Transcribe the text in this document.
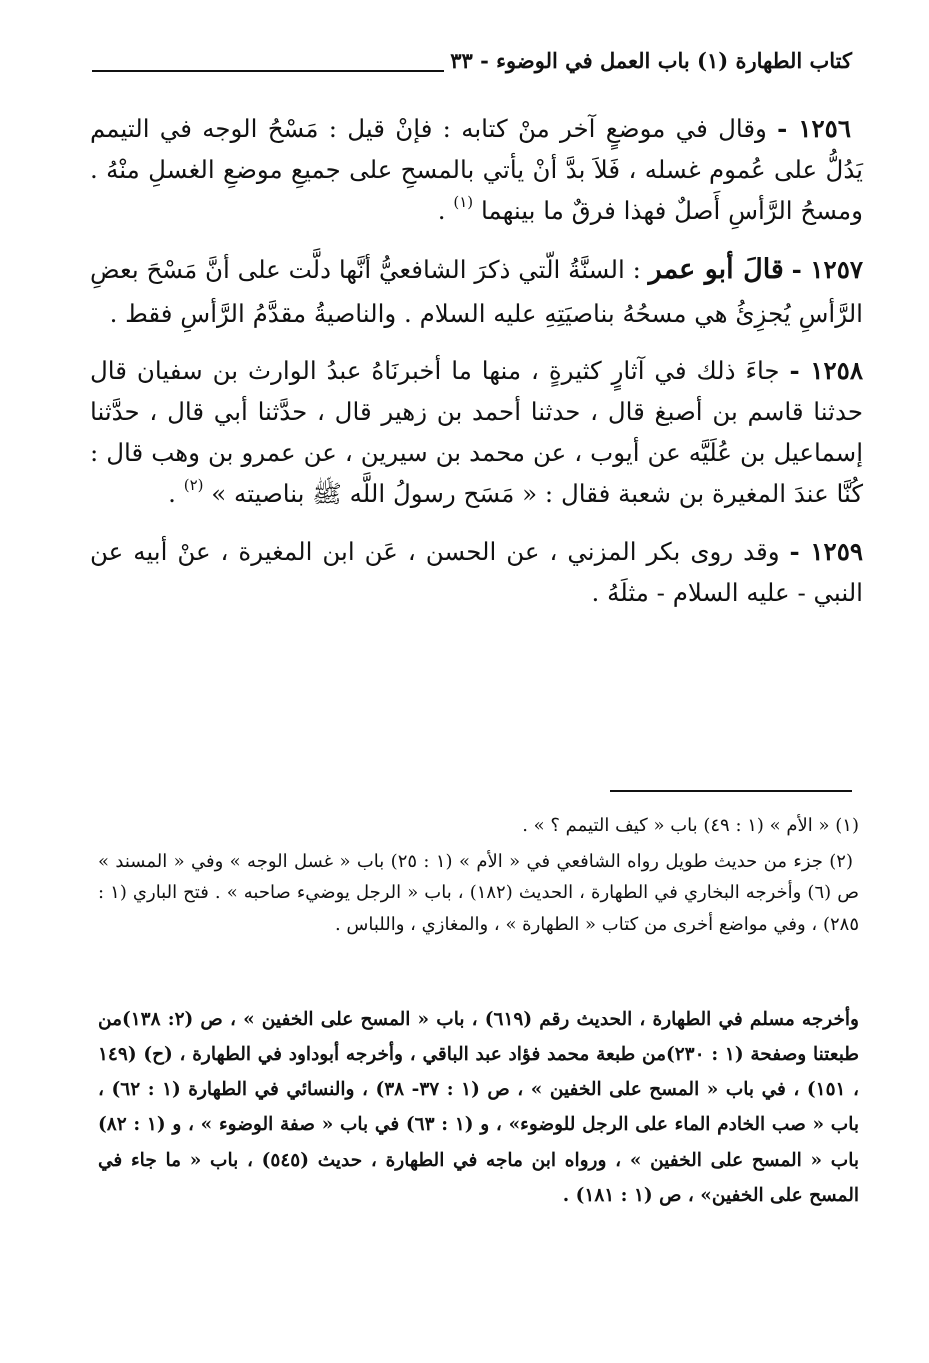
كتاب الطهارة (١) باب العمل في الوضوء - ٣٣

١٢٥٦ - وقال في موضعٍ آخر منْ كتابه : فإنْ قيل : مَسْحُ الوجه في التيمم يَدُلُّ على عُموم غسله ، فَلاَ بدَّ أنْ يأتي بالمسحِ على جميعِ موضعِ الغسلِ منْهُ . ومسحُ الرَّأسِ أَصلٌ فهذا فرقٌ ما بينهما $^{(١)}$ .

١٢٥٧ - قالَ أبو عمر : السنَّةُ الّتي ذكرَ الشافعيُّ أنَّها دلَّت على أنَّ مَسْحَ بعضِ الرَّأسِ يُجزِئُ هي مسحُهُ بناصيَتِهِ عليه السلام . والناصيةُ مقدَّمُ الرَّأسِ فقط .

١٢٥٨ - جاءَ ذلك في آثارٍ كثيرةٍ ، منها ما أخبرنَاهُ عبدُ الوارث بن سفيان قال حدثنا قاسم بن أصبغ قال ، حدثنا أحمد بن زهير قال ، حدَّثنا أبي قال ، حدَّثنا إسماعيل بن عُلَيَّه عن أيوب ، عن محمد بن سيرين ، عن عمرو بن وهب قال : كُنَّا عندَ المغيرة بن شعبة فقال : « مَسَح رسولُ اللَّه ﷺ بناصيته » $^{(٢)}$ .

١٢٥٩ - وقد روى بكر المزني ، عن الحسن ، عَن ابن المغيرة ، عنْ أبيه عن النبي - عليه السلام - مثلَهُ .

(١) « الأم » (١ : ٤٩) باب « كيف التيمم ؟ » .

(٢) جزء من حديث طويل رواه الشافعي في « الأم » (١ : ٢٥) باب « غسل الوجه » وفي « المسند » ص (٦) وأخرجه البخاري في الطهارة ، الحديث (١٨٢) ، باب « الرجل يوضيء صاحبه » . فتح الباري (١ : ٢٨٥) ، وفي مواضع أخرى من كتاب « الطهارة » ، والمغازي ، واللباس .

وأخرجه مسلم في الطهارة ، الحديث رقم (٦١٩) ، باب « المسح على الخفين » ، ص (٢: ١٣٨)من طبعتنا وصفحة (١ : ٢٣٠)من طبعة محمد فؤاد عبد الباقي ، وأخرجه أبوداود في الطهارة ، (ح) (١٤٩ ، ١٥١) ، في باب « المسح على الخفين » ، ص (١ : ٣٧- ٣٨) ، والنسائي في الطهارة (١ : ٦٢) ، باب « صب الخادم الماء على الرجل للوضوء» ، و (١ : ٦٣) في باب « صفة الوضوء » ، و (١ : ٨٢) باب « المسح على الخفين » ، ورواه ابن ماجه في الطهارة ، حديث (٥٤٥) ، باب « ما جاء في المسح على الخفين» ، ص (١ : ١٨١) .
